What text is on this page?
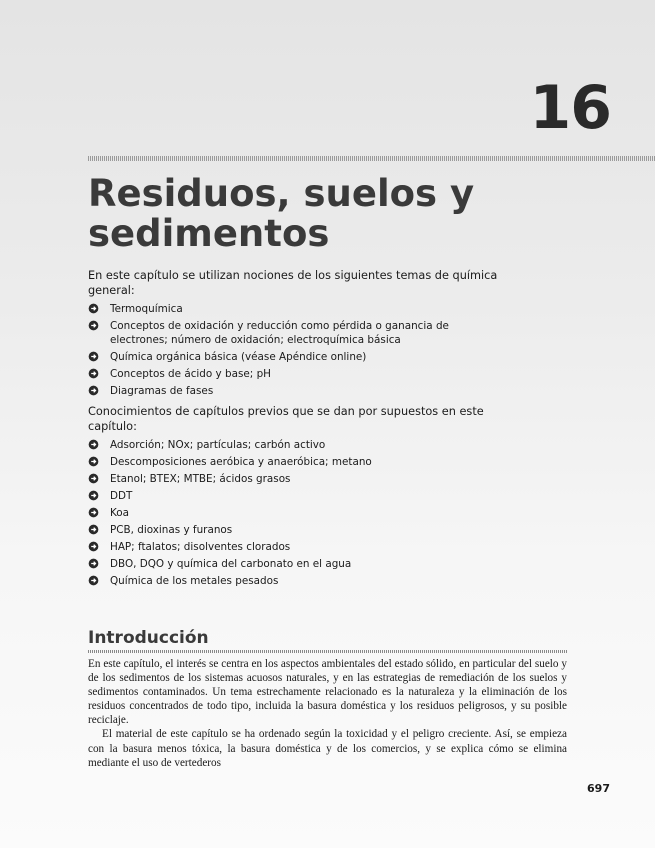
16
Residuos, suelos y sedimentos

En este capítulo se utilizan nociones de los siguientes temas de química general:

Termoquímica
Conceptos de oxidación y reducción como pérdida o ganancia de electrones; número de oxidación; electroquímica básica
Química orgánica básica (véase Apéndice online)
Conceptos de ácido y base; pH
Diagramas de fases

Conocimientos de capítulos previos que se dan por supuestos en este capítulo:

Adsorción; NOx; partículas; carbón activo
Descomposiciones aeróbica y anaeróbica; metano
Etanol; BTEX; MTBE; ácidos grasos
DDT
Koa
PCB, dioxinas y furanos
HAP; ftalatos; disolventes clorados
DBO, DQO y química del carbonato en el agua
Química de los metales pesados
Introducción

En este capítulo, el interés se centra en los aspectos ambientales del estado sólido, en particular del suelo y de los sedimentos de los sistemas acuosos naturales, y en las estrategias de remediación de los suelos y sedimentos contaminados. Un tema estrechamente relacionado es la naturaleza y la eliminación de los residuos concentrados de todo tipo, incluida la basura doméstica y los residuos peligrosos, y su posible reciclaje.

El material de este capítulo se ha ordenado según la toxicidad y el peligro creciente. Así, se empieza con la basura menos tóxica, la basura doméstica y de los comercios, y se explica cómo se elimina mediante el uso de vertederos

697
